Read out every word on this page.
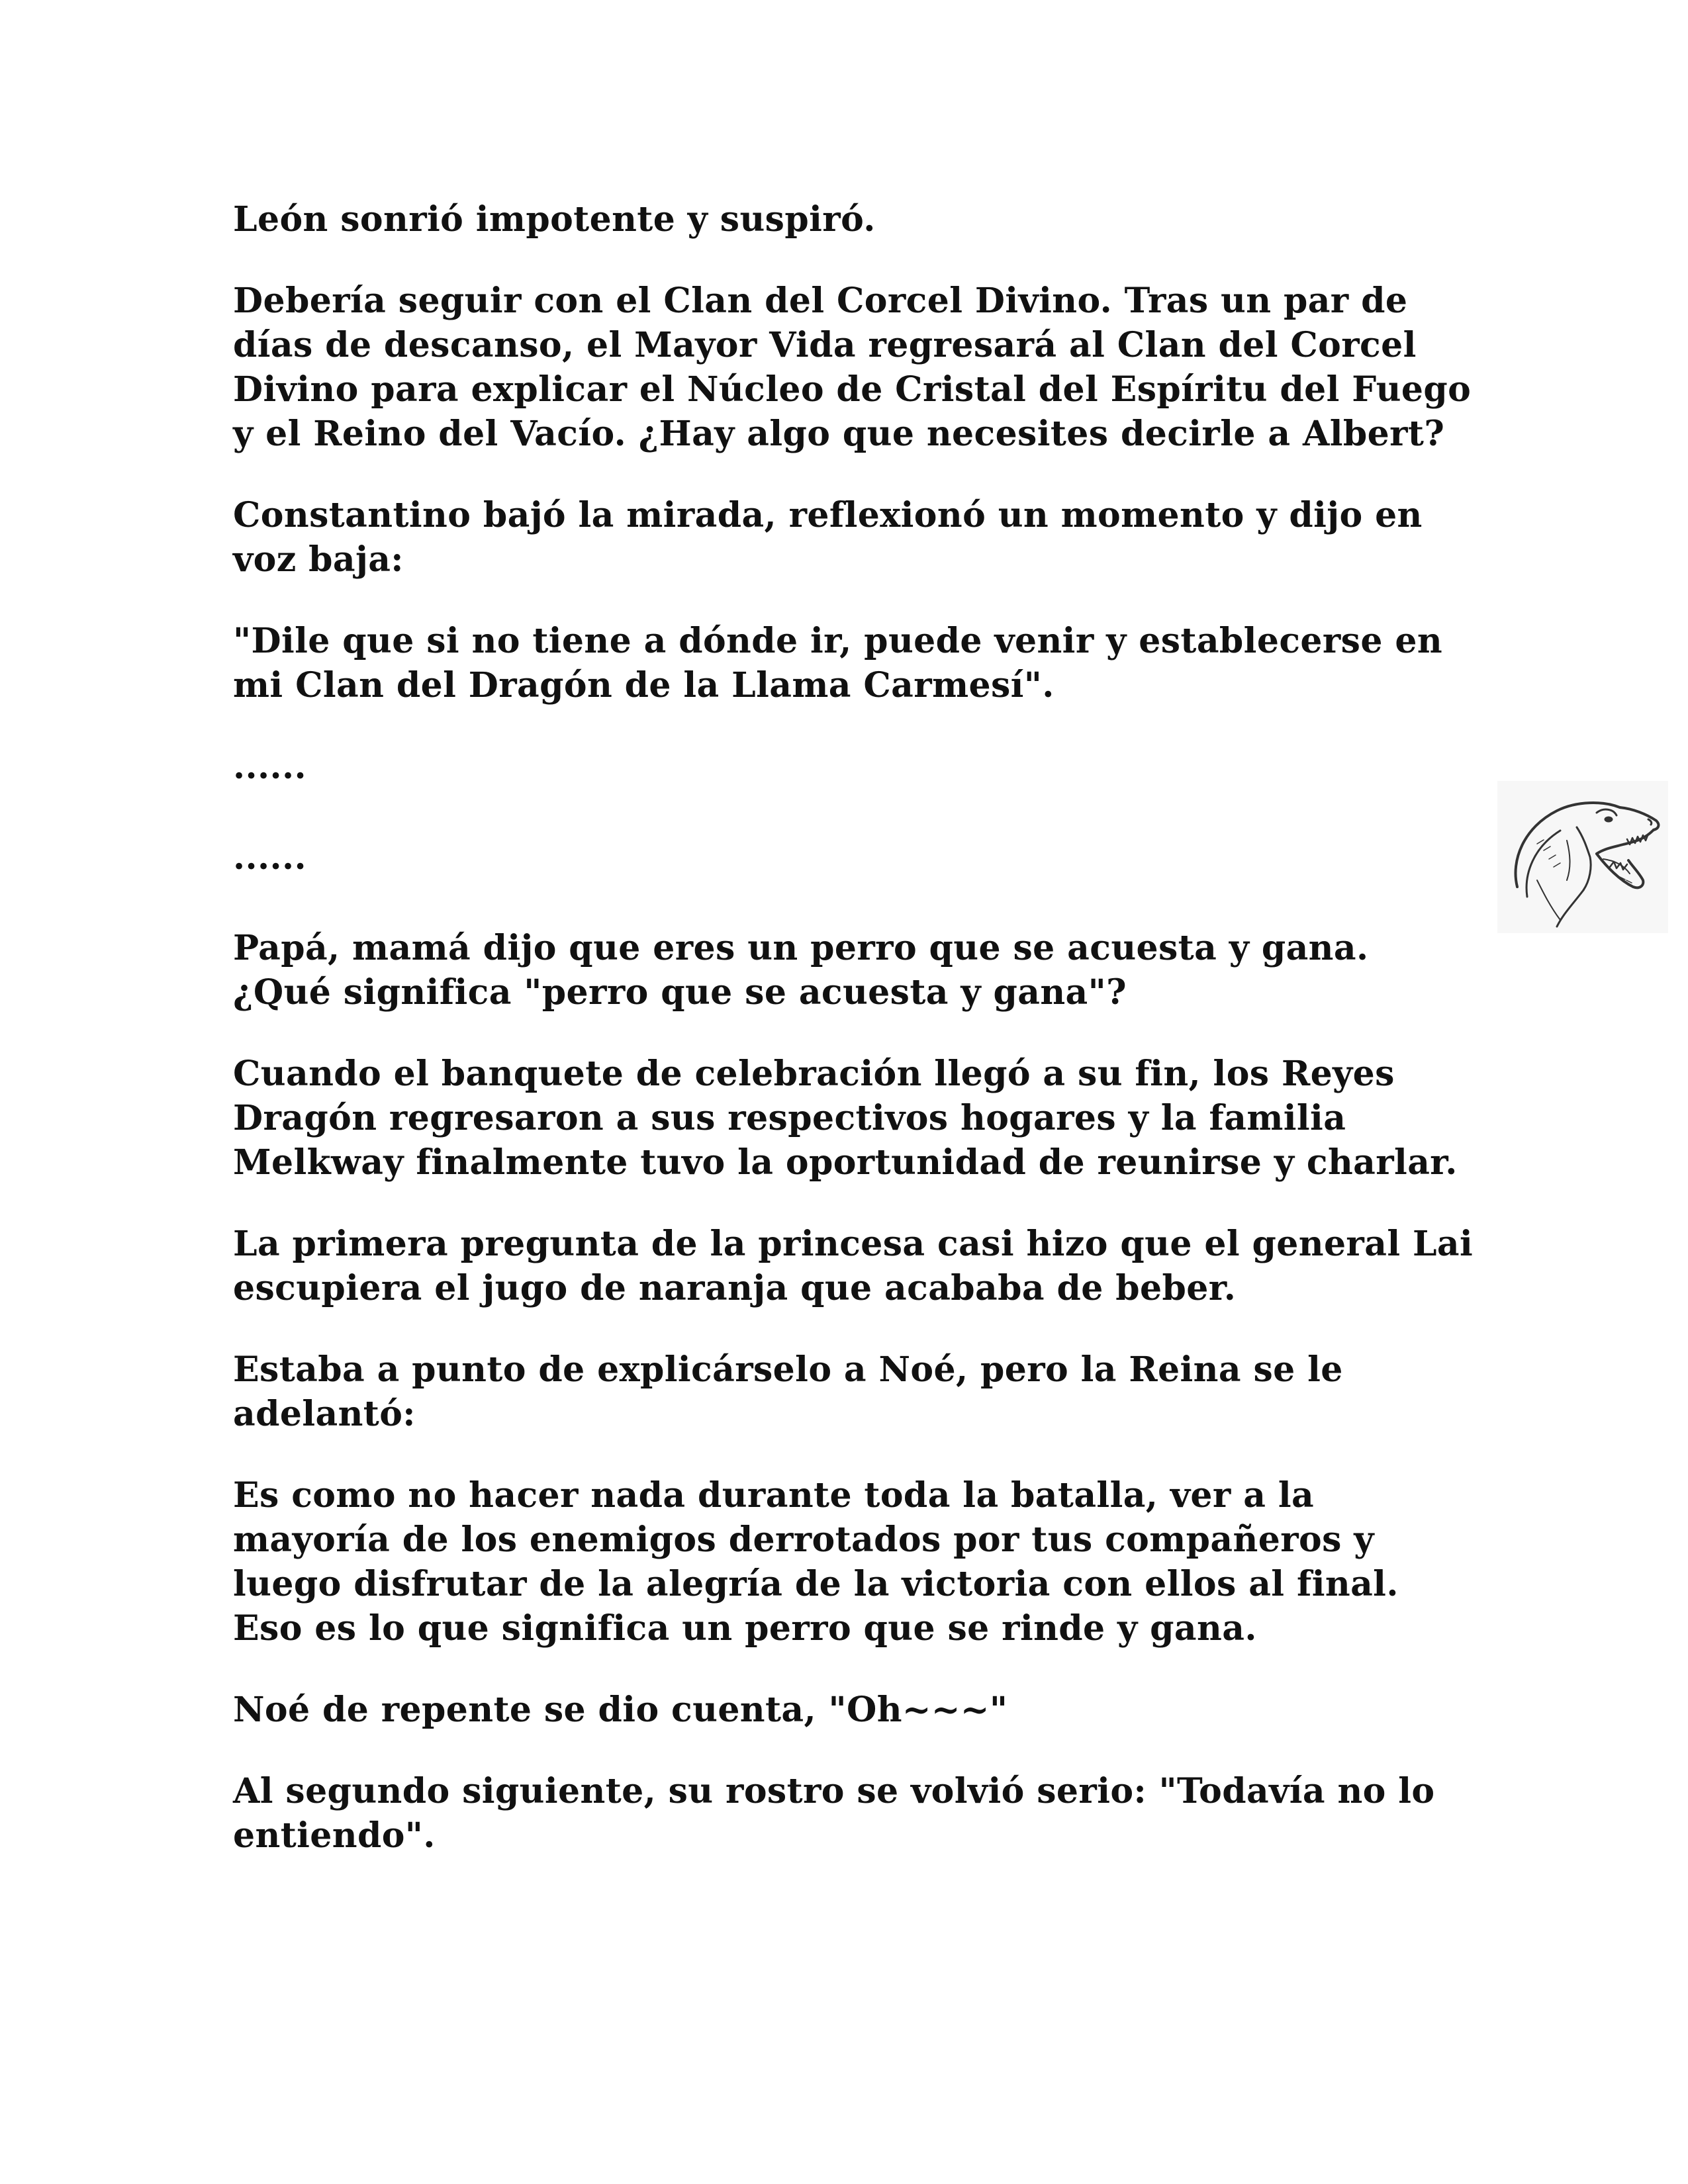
León sonrió impotente y suspiró.

Debería seguir con el Clan del Corcel Divino. Tras un par de días de descanso, el Mayor Vida regresará al Clan del Corcel Divino para explicar el Núcleo de Cristal del Espíritu del Fuego y el Reino del Vacío. ¿Hay algo que necesites decirle a Albert?

Constantino bajó la mirada, reflexionó un momento y dijo en voz baja:

"Dile que si no tiene a dónde ir, puede venir y establecerse en mi Clan del Dragón de la Llama Carmesí".

......

......

Papá, mamá dijo que eres un perro que se acuesta y gana. ¿Qué significa "perro que se acuesta y gana"?

Cuando el banquete de celebración llegó a su fin, los Reyes Dragón regresaron a sus respectivos hogares y la familia Melkway finalmente tuvo la oportunidad de reunirse y charlar.

La primera pregunta de la princesa casi hizo que el general Lai escupiera el jugo de naranja que acababa de beber.

Estaba a punto de explicárselo a Noé, pero la Reina se le adelantó:

Es como no hacer nada durante toda la batalla, ver a la mayoría de los enemigos derrotados por tus compañeros y luego disfrutar de la alegría de la victoria con ellos al final. Eso es lo que significa un perro que se rinde y gana.

Noé de repente se dio cuenta, "Oh~~~"

Al segundo siguiente, su rostro se volvió serio: "Todavía no lo entiendo".
